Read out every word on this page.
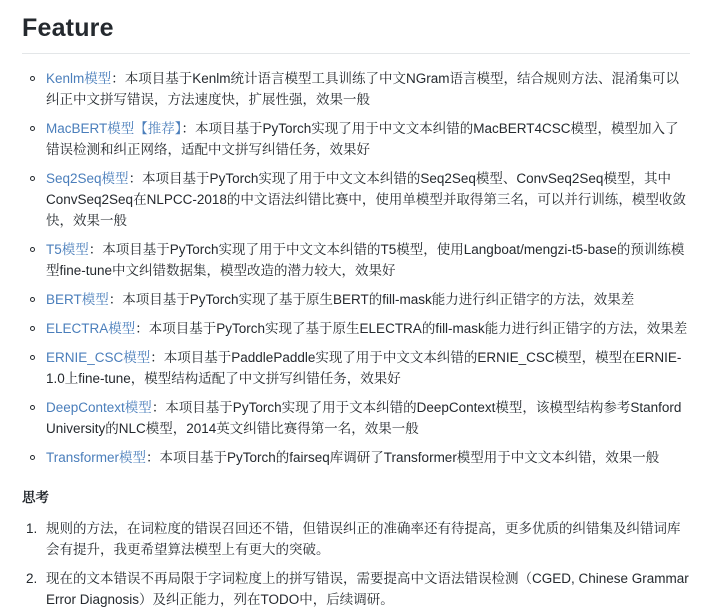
Feature
Kenlm模型：本项目基于Kenlm统计语言模型工具训练了中文NGram语言模型，结合规则方法、混淆集可以纠正中文拼写错误，方法速度快，扩展性强，效果一般
MacBERT模型【推荐】：本项目基于PyTorch实现了用于中文文本纠错的MacBERT4CSC模型，模型加入了错误检测和纠正网络，适配中文拼写纠错任务，效果好
Seq2Seq模型：本项目基于PyTorch实现了用于中文文本纠错的Seq2Seq模型、ConvSeq2Seq模型，其中ConvSeq2Seq在NLPCC-2018的中文语法纠错比赛中，使用单模型并取得第三名，可以并行训练，模型收敛快，效果一般
T5模型：本项目基于PyTorch实现了用于中文文本纠错的T5模型，使用Langboat/mengzi-t5-base的预训练模型fine-tune中文纠错数据集，模型改造的潜力较大，效果好
BERT模型：本项目基于PyTorch实现了基于原生BERT的fill-mask能力进行纠正错字的方法，效果差
ELECTRA模型：本项目基于PyTorch实现了基于原生ELECTRA的fill-mask能力进行纠正错字的方法，效果差
ERNIE_CSC模型：本项目基于PaddlePaddle实现了用于中文文本纠错的ERNIE_CSC模型，模型在ERNIE-1.0上fine-tune，模型结构适配了中文拼写纠错任务，效果好
DeepContext模型：本项目基于PyTorch实现了用于文本纠错的DeepContext模型，该模型结构参考Stanford University的NLC模型，2014英文纠错比赛得第一名，效果一般
Transformer模型：本项目基于PyTorch的fairseq库调研了Transformer模型用于中文文本纠错，效果一般
思考
规则的方法，在词粒度的错误召回还不错，但错误纠正的准确率还有待提高，更多优质的纠错集及纠错词库会有提升，我更希望算法模型上有更大的突破。
现在的文本错误不再局限于字词粒度上的拼写错误，需要提高中文语法错误检测（CGED, Chinese Grammar Error Diagnosis）及纠正能力，列在TODO中，后续调研。
